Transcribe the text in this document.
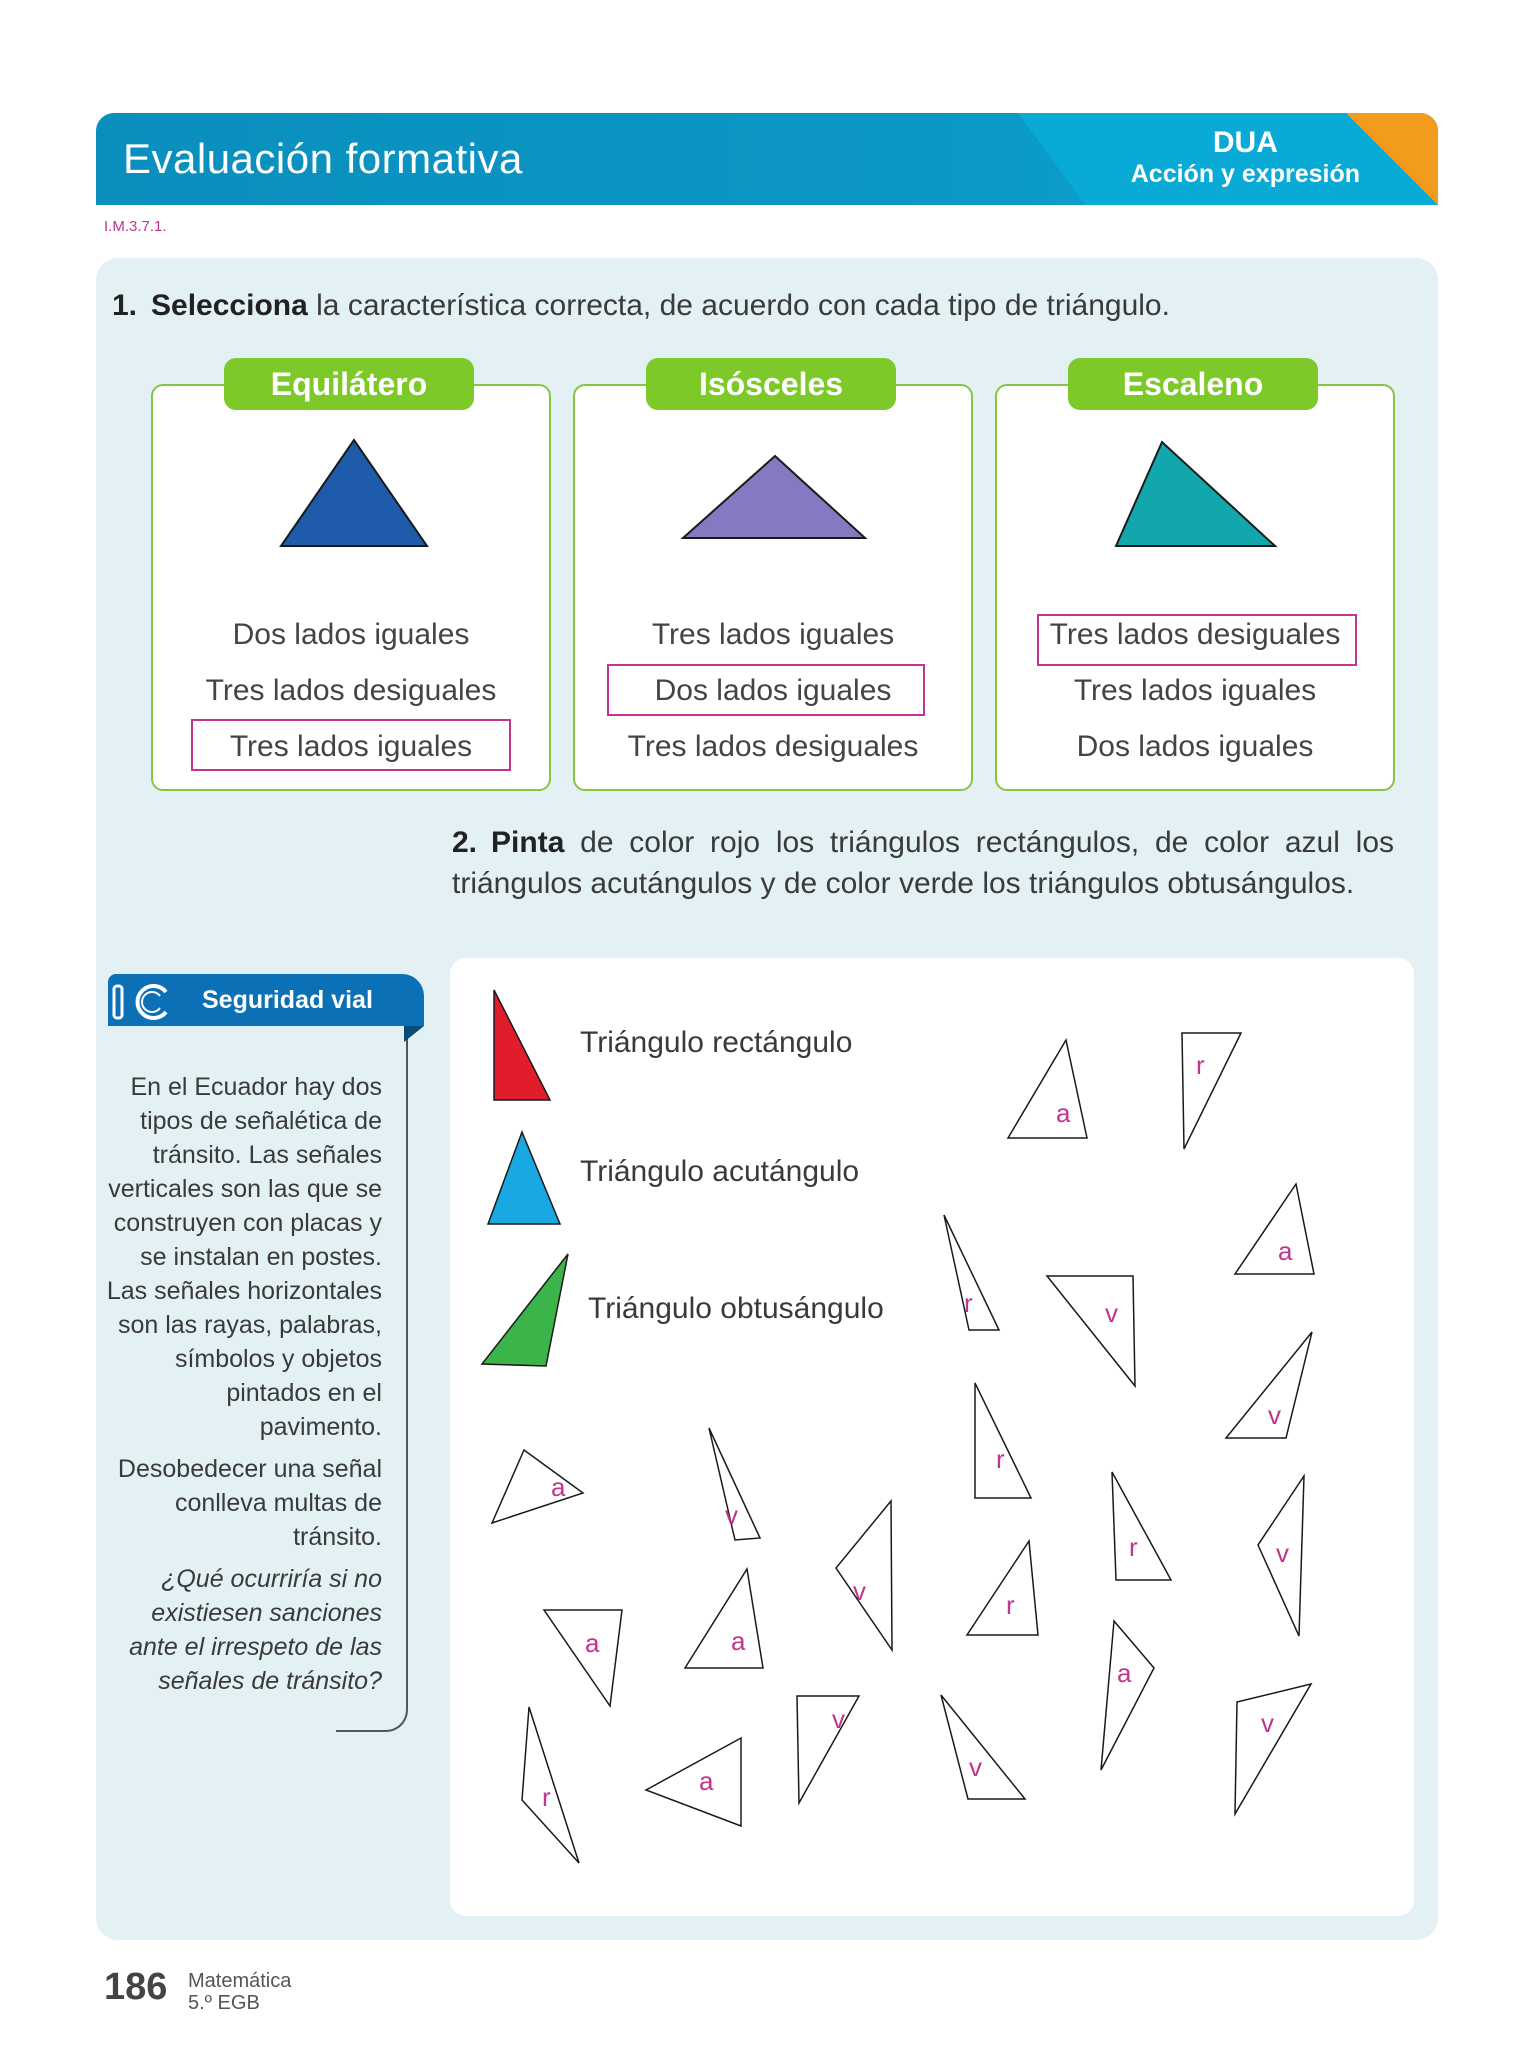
Evaluación formativa	DUA
Acción y expresión
I.M.3.7.1.
1. Selecciona la característica correcta, de acuerdo con cada tipo de triángulo.
Dos lados iguales
Tres lados desiguales
Tres lados iguales
Equilátero
Tres lados iguales
Dos lados iguales
Tres lados desiguales
Isósceles
Tres lados desiguales
Tres lados iguales
Dos lados iguales
Escaleno
2. Pinta de color rojo los triángulos rectángulos, de color azul los triángulos acutángulos y de color verde los triángulos obtusángulos.
Seguridad vial

En el Ecuador hay dos tipos de señalética de tránsito. Las señales verticales son las que se construyen con placas y se instalan en postes. Las señales horizontales son las rayas, palabras, símbolos y objetos pintados en el pavimento.

Desobedecer una señal conlleva multas de tránsito.

¿Qué ocurriría si no existiesen sanciones ante el irrespeto de las señales de tránsito?

Triángulo rectángulo
Triángulo acutángulo
Triángulo obtusángulo
a
r
a
r	v
v
a
v
r
r	v
v	r
a
a
a
v
v
v
r
a
186 Matemática
5.º EGB
